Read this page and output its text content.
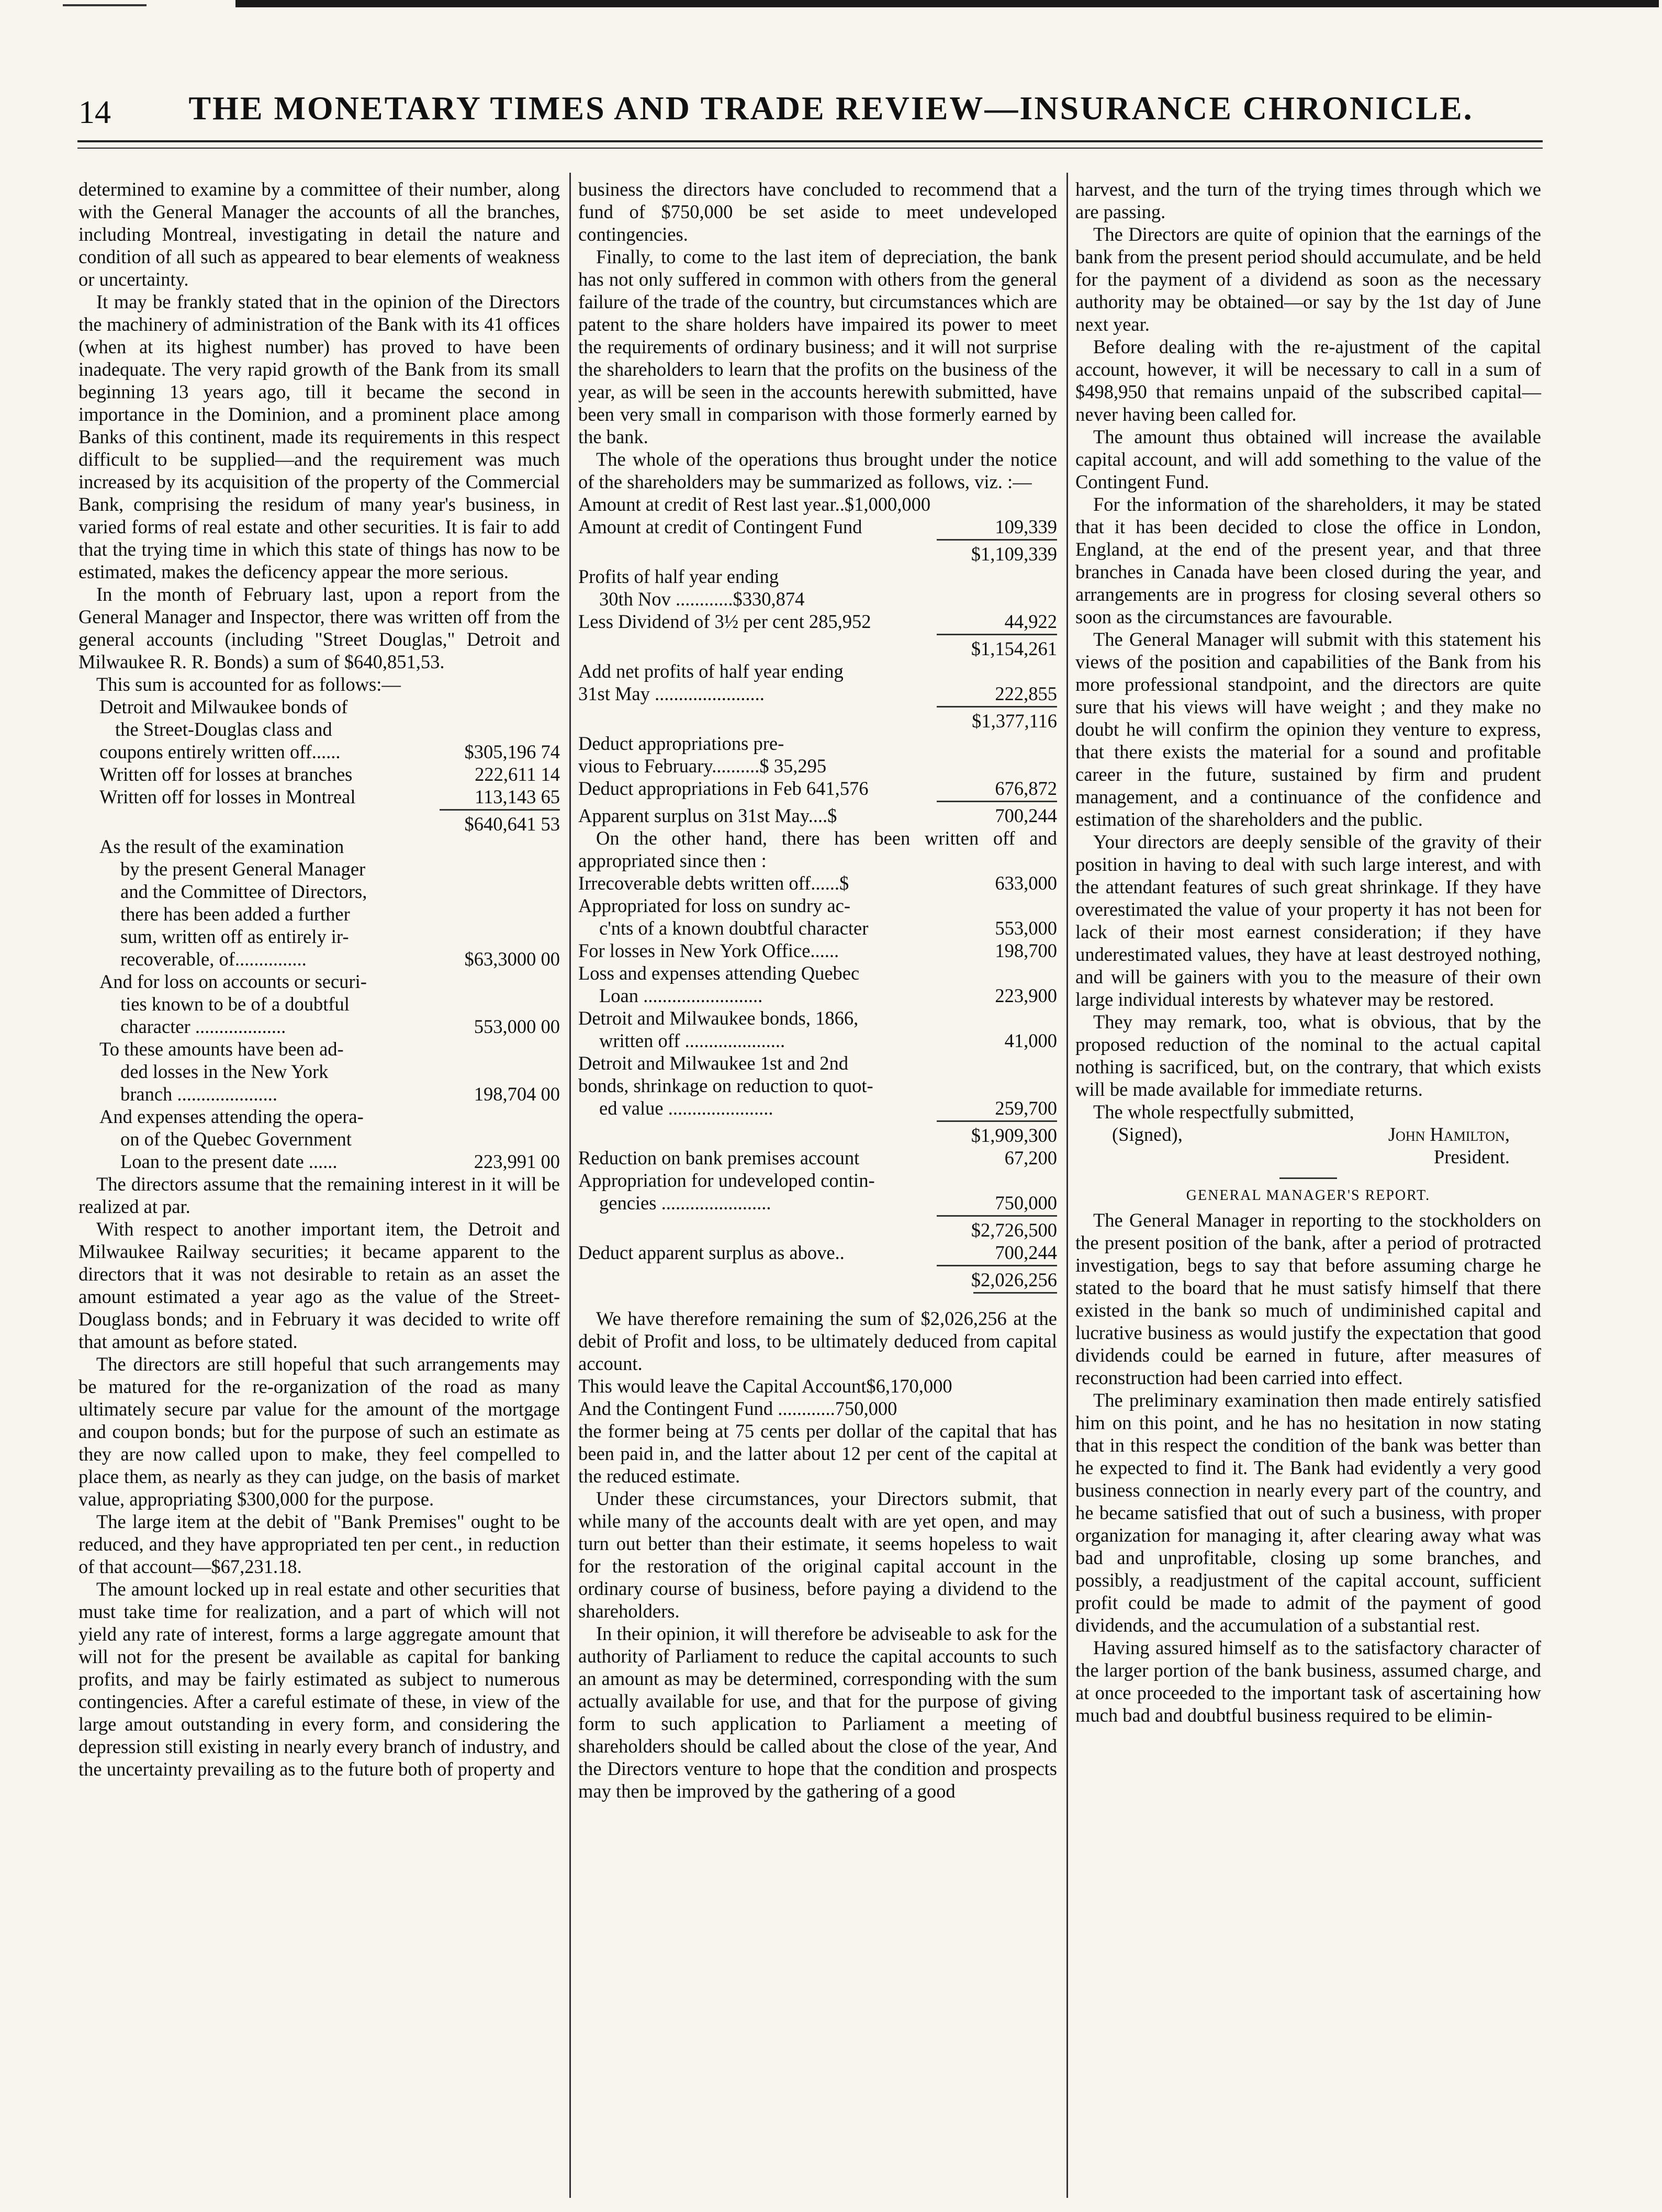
14	THE MONETARY TIMES AND TRADE REVIEW—INSURANCE CHRONICLE.

determined to examine by a committee of their number, along with the General Manager the accounts of all the branches, including Montreal, investigating in detail the nature and condition of all such as appeared to bear elements of weakness or uncertainty.

It may be frankly stated that in the opinion of the Directors the machinery of administration of the Bank with its 41 offices (when at its highest number) has proved to have been inadequate. The very rapid growth of the Bank from its small beginning 13 years ago, till it became the second in importance in the Dominion, and a prominent place among Banks of this continent, made its requirements in this respect difficult to be supplied—and the requirement was much increased by its acquisition of the property of the Commercial Bank, comprising the residum of many year's business, in varied forms of real estate and other securities. It is fair to add that the trying time in which this state of things has now to be estimated, makes the deficency appear the more serious.

In the month of February last, upon a report from the General Manager and Inspector, there was written off from the general accounts (including "Street Douglas," Detroit and Milwaukee R. R. Bonds) a sum of $640,851,53.

This sum is accounted for as follows:—

Detroit and Milwaukee bonds of
the Street-Douglas class and
coupons entirely written off......	$305,196 74
Written off for losses at branches	222,611 14
Written off for losses in Montreal	113,143 65
$640,641 53
As the result of the examination
by the present General Manager
and the Committee of Directors,
there has been added a further
sum, written off as entirely ir-
recoverable, of...............	$63,3000 00
And for loss on accounts or securi-
ties known to be of a doubtful
character ...................	553,000 00
To these amounts have been ad-
ded losses in the New York
branch .....................	198,704 00
And expenses attending the opera-
on of the Quebec Government
Loan to the present date ......	223,991 00

The directors assume that the remaining interest in it will be realized at par.

With respect to another important item, the Detroit and Milwaukee Railway securities; it became apparent to the directors that it was not desirable to retain as an asset the amount estimated a year ago as the value of the Street-Douglass bonds; and in February it was decided to write off that amount as before stated.

The directors are still hopeful that such arrangements may be matured for the re-organization of the road as many ultimately secure par value for the amount of the mortgage and coupon bonds; but for the purpose of such an estimate as they are now called upon to make, they feel compelled to place them, as nearly as they can judge, on the basis of market value, appropriating $300,000 for the purpose.

The large item at the debit of "Bank Premises" ought to be reduced, and they have appropriated ten per cent., in reduction of that account—$67,231.18.

The amount locked up in real estate and other securities that must take time for realization, and a part of which will not yield any rate of interest, forms a large aggregate amount that will not for the present be available as capital for banking profits, and may be fairly estimated as subject to numerous contingencies. After a careful estimate of these, in view of the large amout outstanding in every form, and considering the depression still existing in nearly every branch of industry, and the uncertainty prevailing as to the future both of property and

business the directors have concluded to recommend that a fund of $750,000 be set aside to meet undeveloped contingencies.

Finally, to come to the last item of depreciation, the bank has not only suffered in common with others from the general failure of the trade of the country, but circumstances which are patent to the share holders have impaired its power to meet the requirements of ordinary business; and it will not surprise the shareholders to learn that the profits on the business of the year, as will be seen in the accounts herewith submitted, have been very small in comparison with those formerly earned by the bank.

The whole of the operations thus brought under the notice of the shareholders may be summarized as follows, viz. :—

Amount at credit of Rest last year..$1,000,000
Amount at credit of Contingent Fund	109,339
$1,109,339
Profits of half year ending
30th Nov ............$330,874
Less Dividend of 3½ per cent 285,952	44,922
$1,154,261
Add net profits of half year ending
31st May .......................	222,855
$1,377,116
Deduct appropriations pre-
vious to February..........$ 35,295
Deduct appropriations in Feb 641,576	676,872
Apparent surplus on 31st May....$	700,244

On the other hand, there has been written off and appropriated since then :

Irrecoverable debts written off......$	633,000
Appropriated for loss on sundry ac-
c'nts of a known doubtful character	553,000
For losses in New York Office......	198,700
Loss and expenses attending Quebec
Loan .........................	223,900
Detroit and Milwaukee bonds, 1866,
written off .....................	41,000
Detroit and Milwaukee 1st and 2nd
bonds, shrinkage on reduction to quot-
ed value ......................	259,700
$1,909,300
Reduction on bank premises account	67,200
Appropriation for undeveloped contin-
gencies .......................	750,000
$2,726,500
Deduct apparent surplus as above..	700,244
$2,026,256

We have therefore remaining the sum of $2,026,256 at the debit of Profit and loss, to be ultimately deduced from capital account.

This would leave the Capital Account$6,170,000

And the Contingent Fund ............750,000

the former being at 75 cents per dollar of the capital that has been paid in, and the latter about 12 per cent of the capital at the reduced estimate.

Under these circumstances, your Directors submit, that while many of the accounts dealt with are yet open, and may turn out better than their estimate, it seems hopeless to wait for the restoration of the original capital account in the ordinary course of business, before paying a dividend to the shareholders.

In their opinion, it will therefore be adviseable to ask for the authority of Parliament to reduce the capital accounts to such an amount as may be determined, corresponding with the sum actually available for use, and that for the purpose of giving form to such application to Parliament a meeting of shareholders should be called about the close of the year, And the Directors venture to hope that the condition and prospects may then be improved by the gathering of a good

harvest, and the turn of the trying times through which we are passing.

The Directors are quite of opinion that the earnings of the bank from the present period should accumulate, and be held for the payment of a dividend as soon as the necessary authority may be obtained—or say by the 1st day of June next year.

Before dealing with the re-ajustment of the capital account, however, it will be necessary to call in a sum of $498,950 that remains unpaid of the subscribed capital—never having been called for.

The amount thus obtained will increase the available capital account, and will add something to the value of the Contingent Fund.

For the information of the shareholders, it may be stated that it has been decided to close the office in London, England, at the end of the present year, and that three branches in Canada have been closed during the year, and arrangements are in progress for closing several others so soon as the circumstances are favourable.

The General Manager will submit with this statement his views of the position and capabilities of the Bank from his more professional standpoint, and the directors are quite sure that his views will have weight ; and they make no doubt he will confirm the opinion they venture to express, that there exists the material for a sound and profitable career in the future, sustained by firm and prudent management, and a continuance of the confidence and estimation of the shareholders and the public.

Your directors are deeply sensible of the gravity of their position in having to deal with such large interest, and with the attendant features of such great shrinkage. If they have overestimated the value of your property it has not been for lack of their most earnest consideration; if they have underestimated values, they have at least destroyed nothing, and will be gainers with you to the measure of their own large individual interests by whatever may be restored.

They may remark, too, what is obvious, that by the proposed reduction of the nominal to the actual capital nothing is sacrificed, but, on the contrary, that which exists will be made available for immediate returns.

The whole respectfully submitted,

(Signed),	John Hamilton,
President.
GENERAL MANAGER'S REPORT.

The General Manager in reporting to the stockholders on the present position of the bank, after a period of protracted investigation, begs to say that before assuming charge he stated to the board that he must satisfy himself that there existed in the bank so much of undiminished capital and lucrative business as would justify the expectation that good dividends could be earned in future, after measures of reconstruction had been carried into effect.

The preliminary examination then made entirely satisfied him on this point, and he has no hesitation in now stating that in this respect the condition of the bank was better than he expected to find it. The Bank had evidently a very good business connection in nearly every part of the country, and he became satisfied that out of such a business, with proper organization for managing it, after clearing away what was bad and unprofitable, closing up some branches, and possibly, a readjustment of the capital account, sufficient profit could be made to admit of the payment of good dividends, and the accumulation of a substantial rest.

Having assured himself as to the satisfactory character of the larger portion of the bank business, assumed charge, and at once proceeded to the important task of ascertaining how much bad and doubtful business required to be elimin-
